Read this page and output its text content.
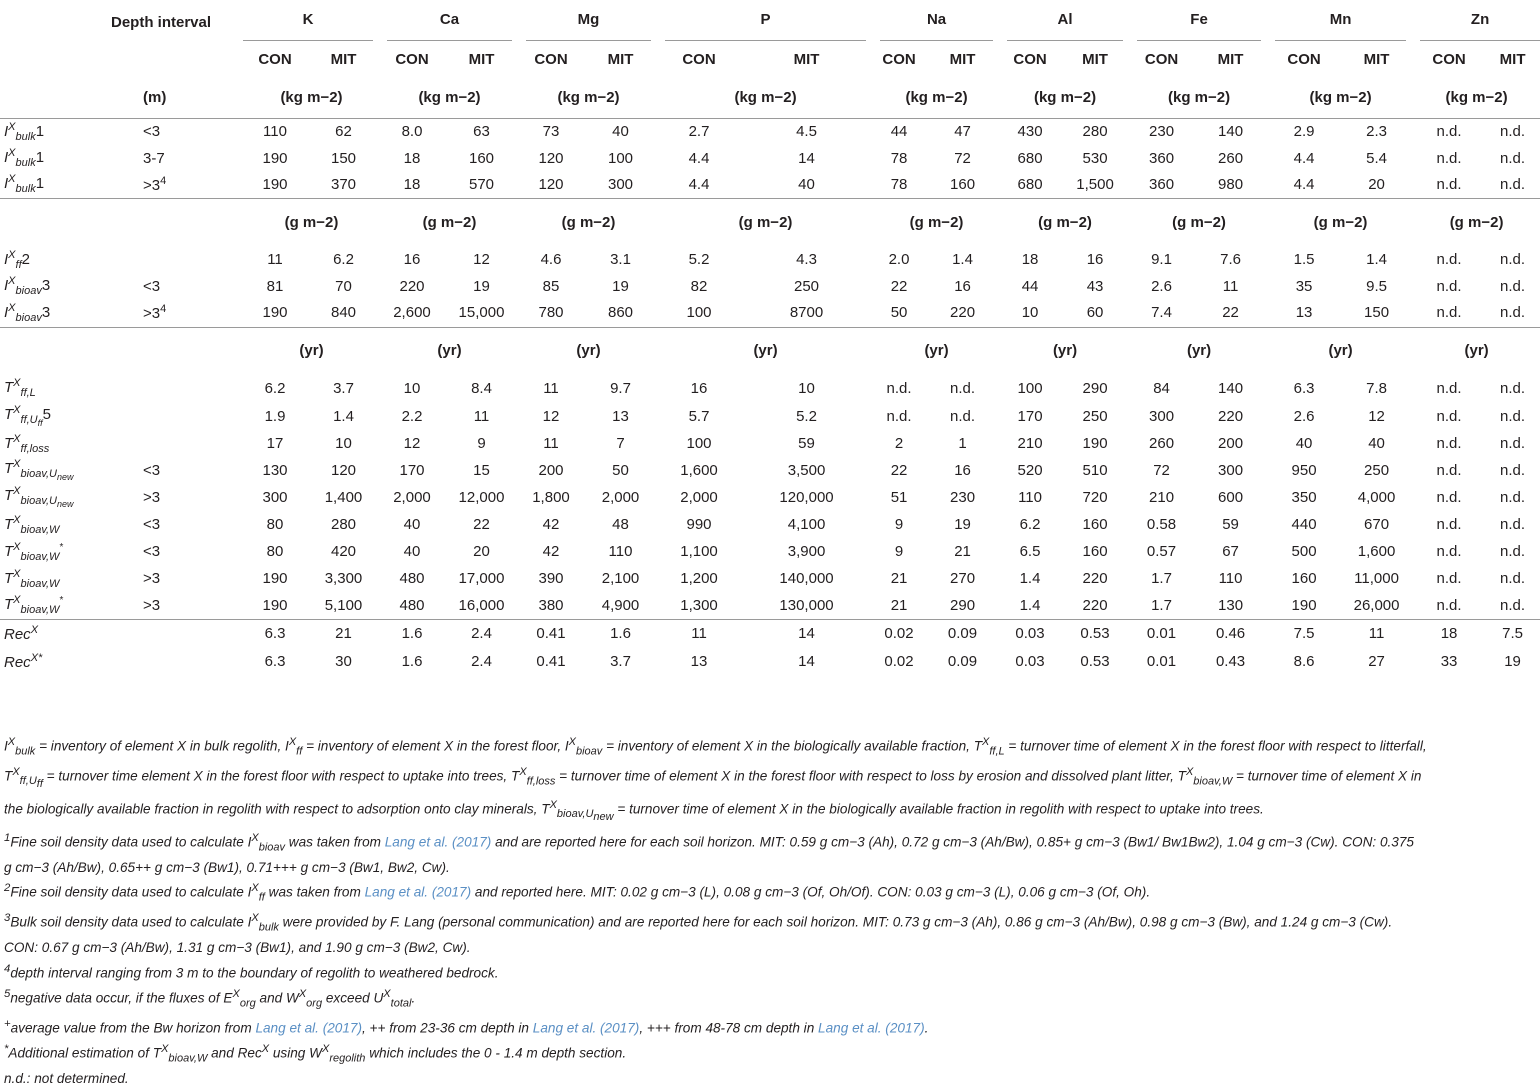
	Depth interval	K		Ca		Mg		P		Na		Al		Fe		Mn		Zn	
		CON	MIT	CON	MIT	CON	MIT	CON	MIT	CON	MIT	CON	MIT	CON	MIT	CON	MIT	CON	MIT
	(m)	(kg m−2)		(kg m−2)		(kg m−2)		(kg m−2)		(kg m−2)		(kg m−2)		(kg m−2)		(kg m−2)		(kg m−2)	
$I^X_{bulk}1$	<3	110	62	8.0	63	73	40	2.7	4.5	44	47	430	280	230	140	2.9	2.3	n.d.	n.d.
$I^X_{bulk}1$	3-7	190	150	18	160	120	100	4.4	14	78	72	680	530	360	260	4.4	5.4	n.d.	n.d.
$I^X_{bulk}1$	$>3^4$	190	370	18	570	120	300	4.4	40	78	160	680	1,500	360	980	4.4	20	n.d.	n.d.
		(g m−2)		(g m−2)		(g m−2)		(g m−2)		(g m−2)		(g m−2)		(g m−2)		(g m−2)		(g m−2)	
$I^X_{ff}2$		11	6.2	16	12	4.6	3.1	5.2	4.3	2.0	1.4	18	16	9.1	7.6	1.5	1.4	n.d.	n.d.
$I^X_{bioav}3$	<3	81	70	220	19	85	19	82	250	22	16	44	43	2.6	11	35	9.5	n.d.	n.d.
$I^X_{bioav}3$	$>3^4$	190	840	2,600	15,000	780	860	100	8700	50	220	10	60	7.4	22	13	150	n.d.	n.d.
		(yr)		(yr)		(yr)		(yr)		(yr)		(yr)		(yr)		(yr)		(yr)	
$T^X_{ff,L}$		6.2	3.7	10	8.4	11	9.7	16	10	n.d.	n.d.	100	290	84	140	6.3	7.8	n.d.	n.d.
$T^X_{ff,U_{ff}}5$		1.9	1.4	2.2	11	12	13	5.7	5.2	n.d.	n.d.	170	250	300	220	2.6	12	n.d.	n.d.
$T^X_{ff,loss}$		17	10	12	9	11	7	100	59	2	1	210	190	260	200	40	40	n.d.	n.d.
$T^X_{bioav,U_{new}}$	<3	130	120	170	15	200	50	1,600	3,500	22	16	520	510	72	300	950	250	n.d.	n.d.
$T^X_{bioav,U_{new}}$	>3	300	1,400	2,000	12,000	1,800	2,000	2,000	120,000	51	230	110	720	210	600	350	4,000	n.d.	n.d.
$T^X_{bioav,W}$	<3	80	280	40	22	42	48	990	4,100	9	19	6.2	160	0.58	59	440	670	n.d.	n.d.
$T^X_{bioav,W}^*$	<3	80	420	40	20	42	110	1,100	3,900	9	21	6.5	160	0.57	67	500	1,600	n.d.	n.d.
$T^X_{bioav,W}$	>3	190	3,300	480	17,000	390	2,100	1,200	140,000	21	270	1.4	220	1.7	110	160	11,000	n.d.	n.d.
$T^X_{bioav,W}^*$	>3	190	5,100	480	16,000	380	4,900	1,300	130,000	21	290	1.4	220	1.7	130	190	26,000	n.d.	n.d.
Rec$^X$		6.3	21	1.6	2.4	0.41	1.6	11	14	0.02	0.09	0.03	0.53	0.01	0.46	7.5	11	18	7.5
Rec$^{X*}$		6.3	30	1.6	2.4	0.41	3.7	13	14	0.02	0.09	0.03	0.53	0.01	0.43	8.6	27	33	19

$I^X_{bulk}$ = inventory of element X in bulk regolith, $I^X_{ff}$ = inventory of element X in the forest floor, $I^X_{bioav}$ = inventory of element X in the biologically available fraction, $T^X_{ff,L}$ = turnover time of element X in the forest floor with respect to litterfall,

$T^X_{ff,U_{ff}}$ = turnover time element X in the forest floor with respect to uptake into trees, $T^X_{ff,loss}$ = turnover time of element X in the forest floor with respect to loss by erosion and dissolved plant litter, $T^X_{bioav,W}$ = turnover time of element X in

the biologically available fraction in regolith with respect to adsorption onto clay minerals, $T^X_{bioav,U_{new}}$ = turnover time of element X in the biologically available fraction in regolith with respect to uptake into trees.

$^1$Fine soil density data used to calculate $I^X_{bioav}$ was taken from Lang et al. (2017) and are reported here for each soil horizon. MIT: 0.59 g cm−3 (Ah), 0.72 g cm−3 (Ah/Bw), 0.85+ g cm−3 (Bw1/ Bw1Bw2), 1.04 g cm−3 (Cw). CON: 0.375

g cm−3 (Ah/Bw), 0.65++ g cm−3 (Bw1), 0.71+++ g cm−3 (Bw1, Bw2, Cw).

$^2$Fine soil density data used to calculate $I^X_{ff}$ was taken from Lang et al. (2017) and reported here. MIT: 0.02 g cm−3 (L), 0.08 g cm−3 (Of, Oh/Of). CON: 0.03 g cm−3 (L), 0.06 g cm−3 (Of, Oh).

$^3$Bulk soil density data used to calculate $I^X_{bulk}$ were provided by F. Lang (personal communication) and are reported here for each soil horizon. MIT: 0.73 g cm−3 (Ah), 0.86 g cm−3 (Ah/Bw), 0.98 g cm−3 (Bw), and 1.24 g cm−3 (Cw).

CON: 0.67 g cm−3 (Ah/Bw), 1.31 g cm−3 (Bw1), and 1.90 g cm−3 (Bw2, Cw).

$^4$depth interval ranging from 3 m to the boundary of regolith to weathered bedrock.

$^5$negative data occur, if the fluxes of $E^X_{org}$ and $W^X_{org}$ exceed $U^X_{total}$.

+average value from the Bw horizon from Lang et al. (2017), ++ from 23-36 cm depth in Lang et al. (2017), +++ from 48-78 cm depth in Lang et al. (2017).

*Additional estimation of $T^X_{bioav,W}$ and Rec$^X$ using $W^X_{regolith}$ which includes the 0 - 1.4 m depth section.

n.d.: not determined.
